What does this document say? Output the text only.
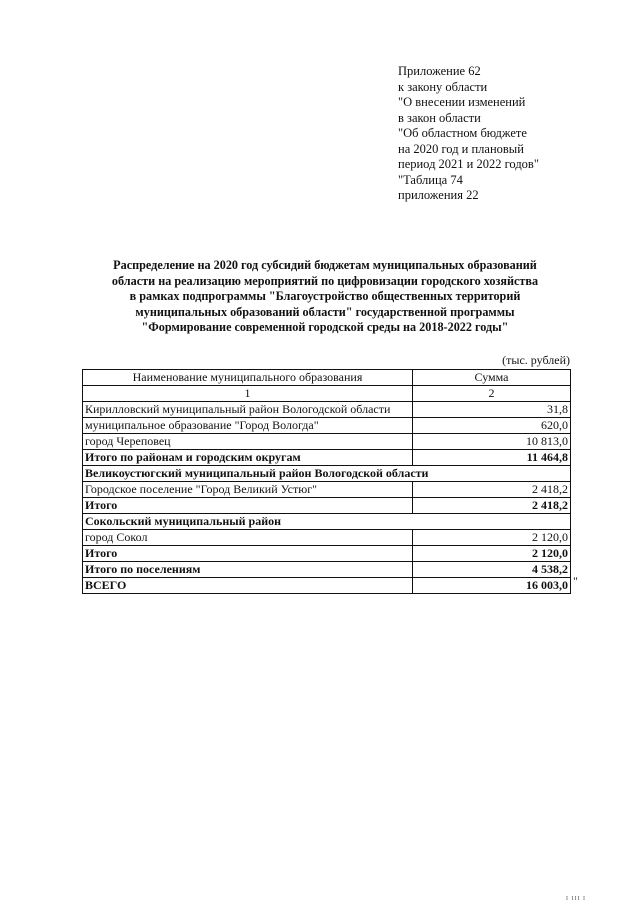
Приложение 62
к закону области
"О внесении изменений
в закон области
"Об областном бюджете
на 2020 год и плановый
период 2021 и 2022 годов"
"Таблица 74
приложения 22
Распределение на 2020 год субсидий бюджетам муниципальных образований
области на реализацию мероприятий по цифровизации городского хозяйства
в рамках подпрограммы "Благоустройство общественных территорий
муниципальных образований области" государственной программы
"Формирование современной городской среды на 2018-2022 годы"
(тыс. рублей)
Наименование муниципального образования	Сумма
1	2
Кирилловский муниципальный район Вологодской области	31,8
муниципальное образование "Город Вологда"	620,0
город Череповец	10 813,0
Итого по районам и городским округам	11 464,8
Великоустюгский муниципальный район Вологодской области	
Городское поселение "Город Великий Устюг"	2 418,2
Итого	2 418,2
Сокольский муниципальный район	
город Сокол	2 120,0
Итого	2 120,0
Итого по поселениям	4 538,2
ВСЕГО	16 003,0 "
I III I
